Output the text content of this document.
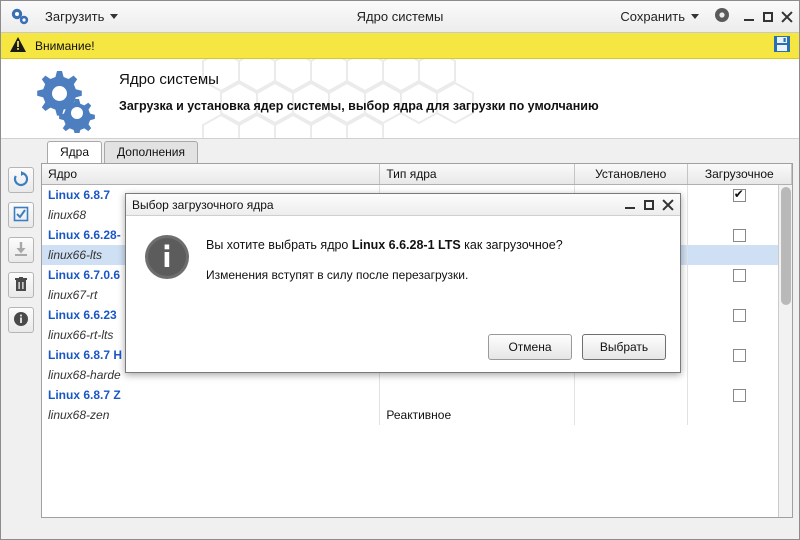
Загрузить	Ядро системы	Сохранить
Внимание!
Ядро системы
Загрузка и установка ядер системы, выбор ядра для загрузки по умолчанию
Ядра	Дополнения
Ядро	Тип ядра	Установлено	Загрузочное
Linux 6.8.7			✔
linux68			
Linux 6.6.28-			
linux66-lts			
Linux 6.7.0.6			
linux67-rt			
Linux 6.6.23			
linux66-rt-lts			
Linux 6.8.7 H			
linux68-harde			
Linux 6.8.7 Z			
linux68-zen	Реактивное		
Выбор загрузочного ядра
Вы хотите выбрать ядро Linux 6.6.28-1 LTS как загрузочное?
Изменения вступят в силу после перезагрузки.
Отмена	Выбрать
